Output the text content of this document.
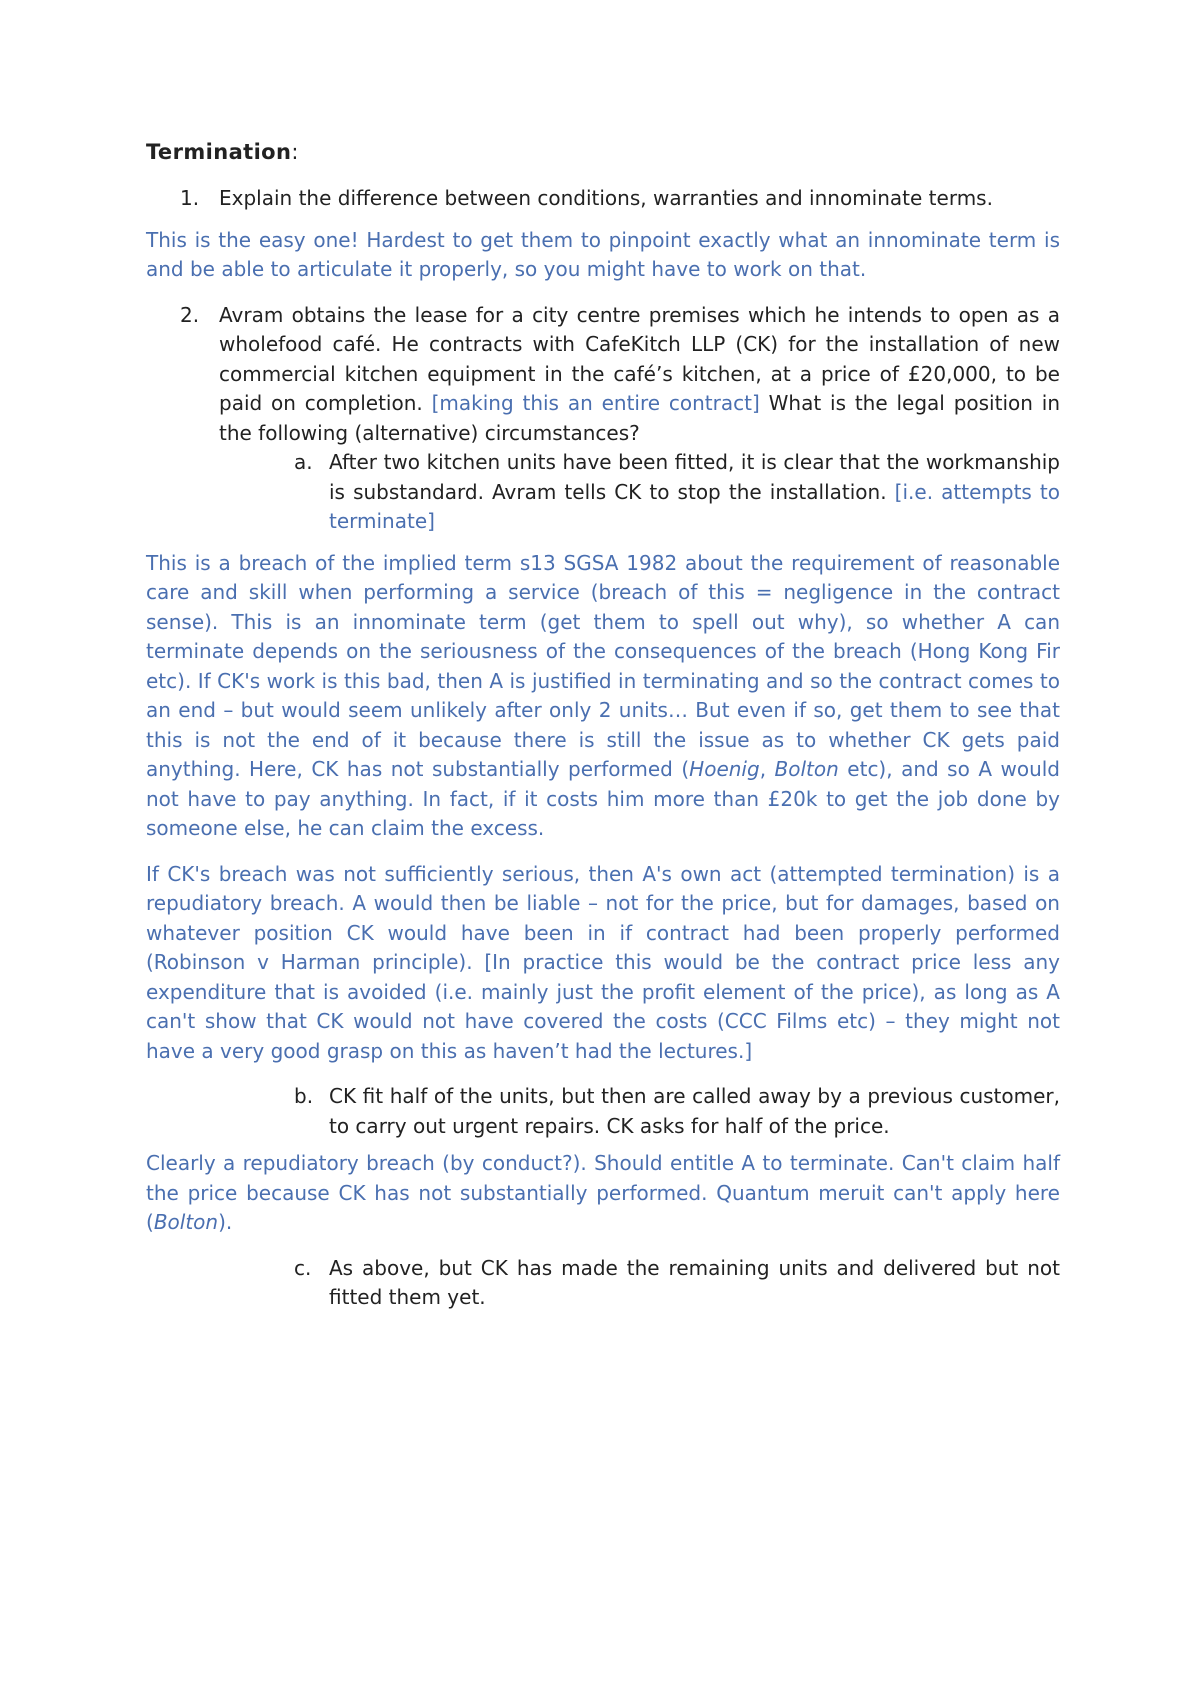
Termination:

1. Explain the difference between conditions, warranties and innominate terms.

This is the easy one! Hardest to get them to pinpoint exactly what an innominate term is and be able to articulate it properly, so you might have to work on that.

2. Avram obtains the lease for a city centre premises which he intends to open as a wholefood café. He contracts with CafeKitch LLP (CK) for the installation of new commercial kitchen equipment in the café’s kitchen, at a price of £20,000, to be paid on completion. [making this an entire contract] What is the legal position in the following (alternative) circumstances?

a. After two kitchen units have been fitted, it is clear that the workmanship is substandard. Avram tells CK to stop the installation. [i.e. attempts to terminate]

This is a breach of the implied term s13 SGSA 1982 about the requirement of reasonable care and skill when performing a service (breach of this = negligence in the contract sense). This is an innominate term (get them to spell out why), so whether A can terminate depends on the seriousness of the consequences of the breach (Hong Kong Fir etc). If CK's work is this bad, then A is justified in terminating and so the contract comes to an end – but would seem unlikely after only 2 units… But even if so, get them to see that this is not the end of it because there is still the issue as to whether CK gets paid anything. Here, CK has not substantially performed (Hoenig, Bolton etc), and so A would not have to pay anything. In fact, if it costs him more than £20k to get the job done by someone else, he can claim the excess.

If CK's breach was not sufficiently serious, then A's own act (attempted termination) is a repudiatory breach. A would then be liable – not for the price, but for damages, based on whatever position CK would have been in if contract had been properly performed (Robinson v Harman principle). [In practice this would be the contract price less any expenditure that is avoided (i.e. mainly just the profit element of the price), as long as A can't show that CK would not have covered the costs (CCC Films etc) – they might not have a very good grasp on this as haven’t had the lectures.]

b. CK fit half of the units, but then are called away by a previous customer, to carry out urgent repairs. CK asks for half of the price.

Clearly a repudiatory breach (by conduct?). Should entitle A to terminate. Can't claim half the price because CK has not substantially performed. Quantum meruit can't apply here (Bolton).

c. As above, but CK has made the remaining units and delivered but not fitted them yet.
